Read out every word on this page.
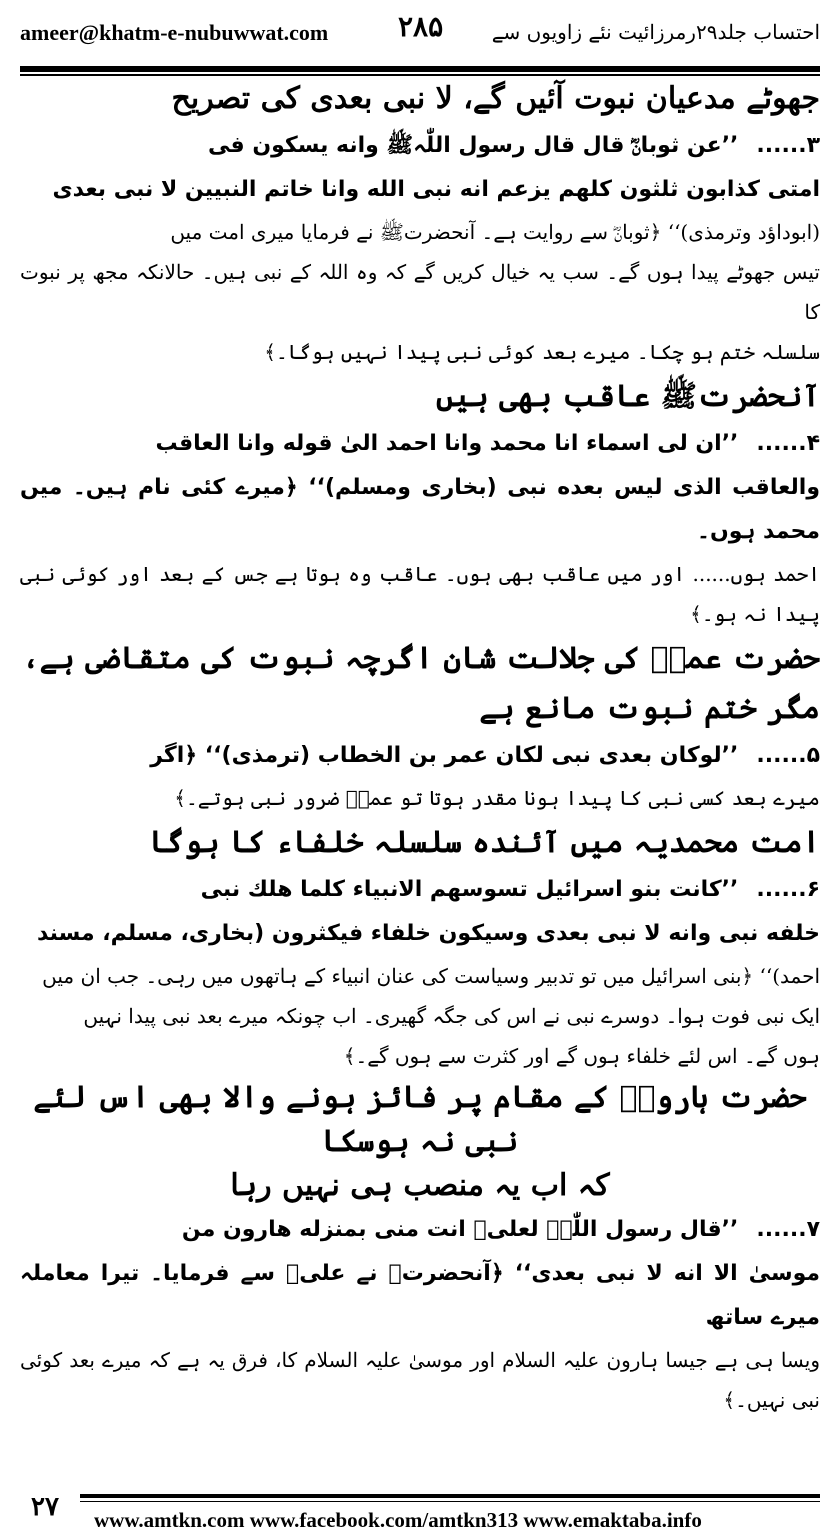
ameer@khatm-e-nubuwwat.com ۲۸۵ احتساب جلد۲۹رمرزائیت نئے زاویوں سے

جھوٹے مدعیان نبوت آئیں گے، لا نبی بعدی کی تصریح

۳......’’عن ثوبانؓ قال قال رسول اللّٰہﷺ وانه يسكون فى

امتى كذابون ثلثون كلهم يزعم انه نبى الله وانا خاتم النبيين لا نبى بعدى

(ابوداؤد وترمذی)‘‘ ﴿ثوبانؓ سے روایت ہے۔ آنحضرتﷺ نے فرمایا میری امت میں

تیس جھوٹے پیدا ہوں گے۔ سب یہ خیال کریں گے کہ وہ اللہ کے نبی ہیں۔ حالانکہ مجھ پر نبوت کا

سلسلہ ختم ہو چکا۔ میرے بعد کوئی نبی پیدا نہیں ہوگا۔﴾

آنحضرتﷺ عاقب بھی ہیں

۴......’’ان لى اسماء انا محمد وانا احمد الىٰ قوله وانا العاقب

والعاقب الذى ليس بعده نبى (بخارى ومسلم)‘‘ ﴿میرے کئی نام ہیں۔ میں محمد ہوں۔

احمد ہوں...... اور میں عاقب بھی ہوں۔ عاقب وہ ہوتا ہے جس کے بعد اور کوئی نبی پیدا نہ ہو۔﴾

حضرت عمرؓ کی جلالت شان اگرچہ نبوت کی متقاضی ہے، مگر ختم نبوت مانع ہے

۵......’’لوكان بعدى نبى لكان عمر بن الخطاب (ترمذى)‘‘ ﴿اگر

میرے بعد کسی نبی کا پیدا ہونا مقدر ہوتا تو عمرؓ ضرور نبی ہوتے۔﴾

امت محمدیہ میں آئندہ سلسلہ خلفاء کا ہوگا

۶......’’كانت بنو اسرائيل تسوسهم الانبياء كلما هلك نبى

خلفه نبى وانه لا نبى بعدى وسيكون خلفاء فيكثرون (بخارى، مسلم، مسند

احمد)‘‘ ﴿بنی اسرائیل میں تو تدبیر وسیاست کی عنان انبیاء کے ہاتھوں میں رہی۔ جب ان میں

ایک نبی فوت ہوا۔ دوسرے نبی نے اس کی جگہ گھیری۔ اب چونکہ میرے بعد نبی پیدا نہیں

ہوں گے۔ اس لئے خلفاء ہوں گے اور کثرت سے ہوں گے۔﴾

حضرت ہارونؑ کے مقام پر فائز ہونے والا بھی اس لئے نبی نہ ہوسکا

کہ اب یہ منصب ہی نہیں رہا

۷......’’قال رسول اللّٰہﷺ لعلیؓ انت منى بمنزله هارون من

موسىٰ الا انه لا نبى بعدى‘‘ ﴿آنحضرتﷺ نے علیؓ سے فرمایا۔ تیرا معاملہ میرے ساتھ

ویسا ہی ہے جیسا ہارون علیہ السلام اور موسیٰ علیہ السلام کا، فرق یہ ہے کہ میرے بعد کوئی نبی نہیں۔﴾

۲۷	www.amtkn.com www.facebook.com/amtkn313 www.emaktaba.info
